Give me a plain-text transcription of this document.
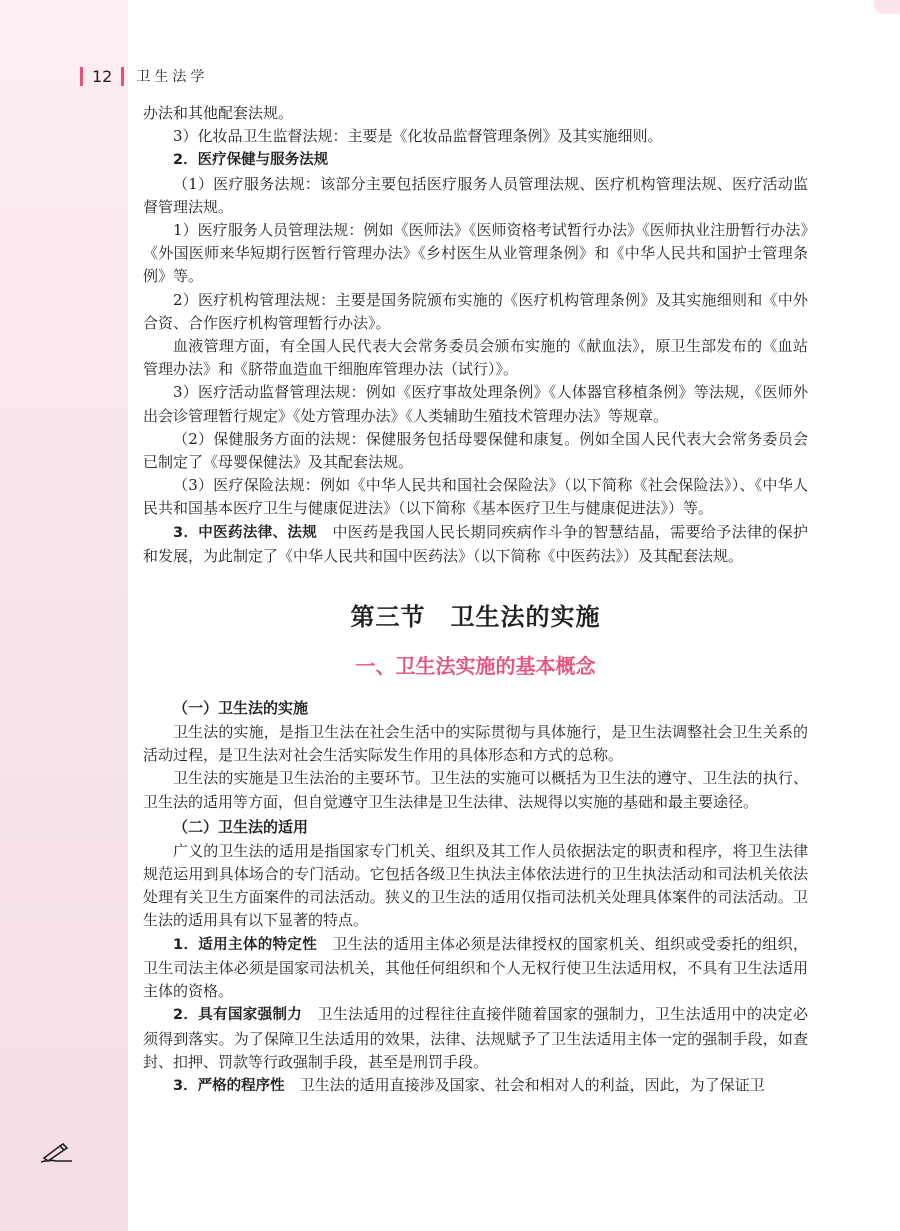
12 卫生法学

办法和其他配套法规。

3）化妆品卫生监督法规：主要是《化妆品监督管理条例》及其实施细则。

2．医疗保健与服务法规

（1）医疗服务法规：该部分主要包括医疗服务人员管理法规、医疗机构管理法规、医疗活动监督管理法规。

1）医疗服务人员管理法规：例如《医师法》《医师资格考试暂行办法》《医师执业注册暂行办法》《外国医师来华短期行医暂行管理办法》《乡村医生从业管理条例》和《中华人民共和国护士管理条例》等。

2）医疗机构管理法规：主要是国务院颁布实施的《医疗机构管理条例》及其实施细则和《中外合资、合作医疗机构管理暂行办法》。

血液管理方面，有全国人民代表大会常务委员会颁布实施的《献血法》，原卫生部发布的《血站管理办法》和《脐带血造血干细胞库管理办法（试行）》。

3）医疗活动监督管理法规：例如《医疗事故处理条例》《人体器官移植条例》等法规，《医师外出会诊管理暂行规定》《处方管理办法》《人类辅助生殖技术管理办法》等规章。

（2）保健服务方面的法规：保健服务包括母婴保健和康复。例如全国人民代表大会常务委员会已制定了《母婴保健法》及其配套法规。

（3）医疗保险法规：例如《中华人民共和国社会保险法》（以下简称《社会保险法》）、《中华人民共和国基本医疗卫生与健康促进法》（以下简称《基本医疗卫生与健康促进法》）等。

3．中医药法律、法规　中医药是我国人民长期同疾病作斗争的智慧结晶，需要给予法律的保护和发展，为此制定了《中华人民共和国中医药法》（以下简称《中医药法》）及其配套法规。

第三节　卫生法的实施
一、卫生法实施的基本概念
（一）卫生法的实施

卫生法的实施，是指卫生法在社会生活中的实际贯彻与具体施行，是卫生法调整社会卫生关系的活动过程，是卫生法对社会生活实际发生作用的具体形态和方式的总称。

卫生法的实施是卫生法治的主要环节。卫生法的实施可以概括为卫生法的遵守、卫生法的执行、卫生法的适用等方面，但自觉遵守卫生法律是卫生法律、法规得以实施的基础和最主要途径。

（二）卫生法的适用

广义的卫生法的适用是指国家专门机关、组织及其工作人员依据法定的职责和程序，将卫生法律规范运用到具体场合的专门活动。它包括各级卫生执法主体依法进行的卫生执法活动和司法机关依法处理有关卫生方面案件的司法活动。狭义的卫生法的适用仅指司法机关处理具体案件的司法活动。卫生法的适用具有以下显著的特点。

1．适用主体的特定性　卫生法的适用主体必须是法律授权的国家机关、组织或受委托的组织，卫生司法主体必须是国家司法机关，其他任何组织和个人无权行使卫生法适用权，不具有卫生法适用主体的资格。

2．具有国家强制力　卫生法适用的过程往往直接伴随着国家的强制力，卫生法适用中的决定必须得到落实。为了保障卫生法适用的效果，法律、法规赋予了卫生法适用主体一定的强制手段，如查封、扣押、罚款等行政强制手段，甚至是刑罚手段。

3．严格的程序性　卫生法的适用直接涉及国家、社会和相对人的利益，因此，为了保证卫
